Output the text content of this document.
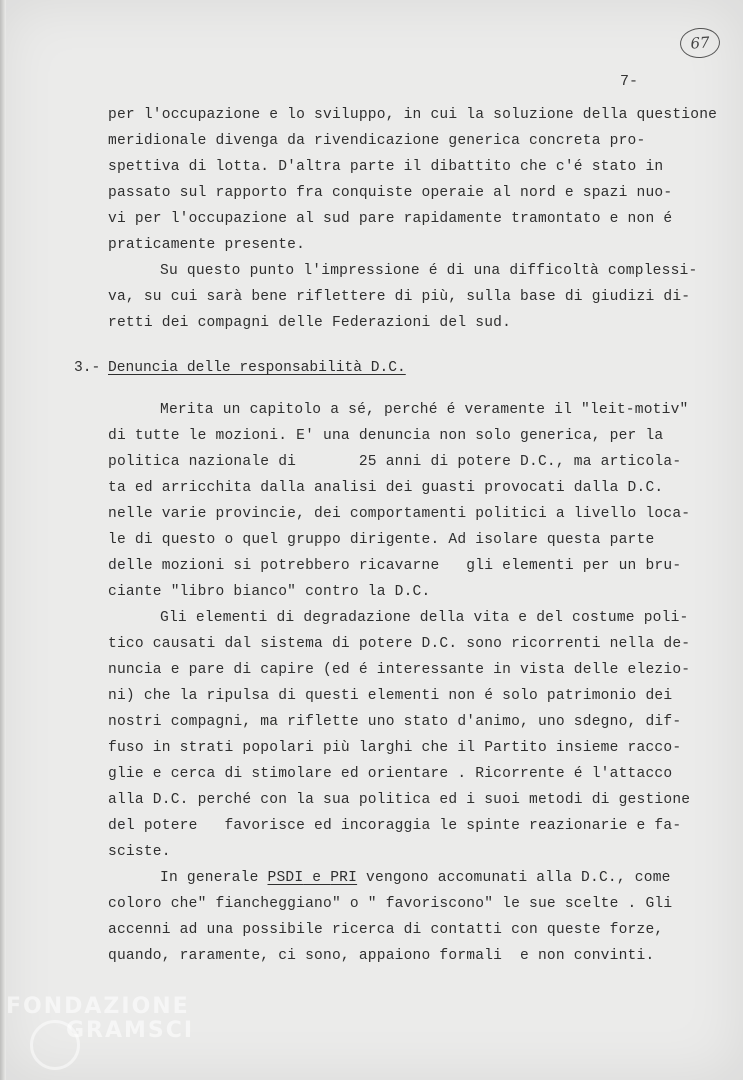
67
7-
per l'occupazione e lo sviluppo, in cui la soluzione della questione
meridionale divenga da rivendicazione generica concreta pro-
spettiva di lotta. D'altra parte il dibattito che c'é stato in
passato sul rapporto fra conquiste operaie al nord e spazi nuo-
vi per l'occupazione al sud pare rapidamente tramontato e non é
praticamente presente.
Su questo punto l'impressione é di una difficoltà complessi-
va, su cui sarà bene riflettere di più, sulla base di giudizi di-
retti dei compagni delle Federazioni del sud.
3.- Denuncia delle responsabilità D.C.
Merita un capitolo a sé, perché é veramente il "leit-motiv"
di tutte le mozioni. E' una denuncia non solo generica, per la
politica nazionale di       25 anni di potere D.C., ma articola-
ta ed arricchita dalla analisi dei guasti provocati dalla D.C.
nelle varie provincie, dei comportamenti politici a livello loca-
le di questo o quel gruppo dirigente. Ad isolare questa parte
delle mozioni si potrebbero ricavarne   gli elementi per un bru-
ciante "libro bianco" contro la D.C.
Gli elementi di degradazione della vita e del costume poli-
tico causati dal sistema di potere D.C. sono ricorrenti nella de-
nuncia e pare di capire (ed é interessante in vista delle elezio-
ni) che la ripulsa di questi elementi non é solo patrimonio dei
nostri compagni, ma riflette uno stato d'animo, uno sdegno, dif-
fuso in strati popolari più larghi che il Partito insieme racco-
glie e cerca di stimolare ed orientare . Ricorrente é l'attacco
alla D.C. perché con la sua politica ed i suoi metodi di gestione
del potere   favorisce ed incoraggia le spinte reazionarie e fa-
sciste.
In generale PSDI e PRI vengono accomunati alla D.C., come
coloro che" fiancheggiano" o " favoriscono" le sue scelte . Gli
accenni ad una possibile ricerca di contatti con queste forze,
quando, raramente, ci sono, appaiono formali  e non convinti.
FONDAZIONE
GRAMSCI
